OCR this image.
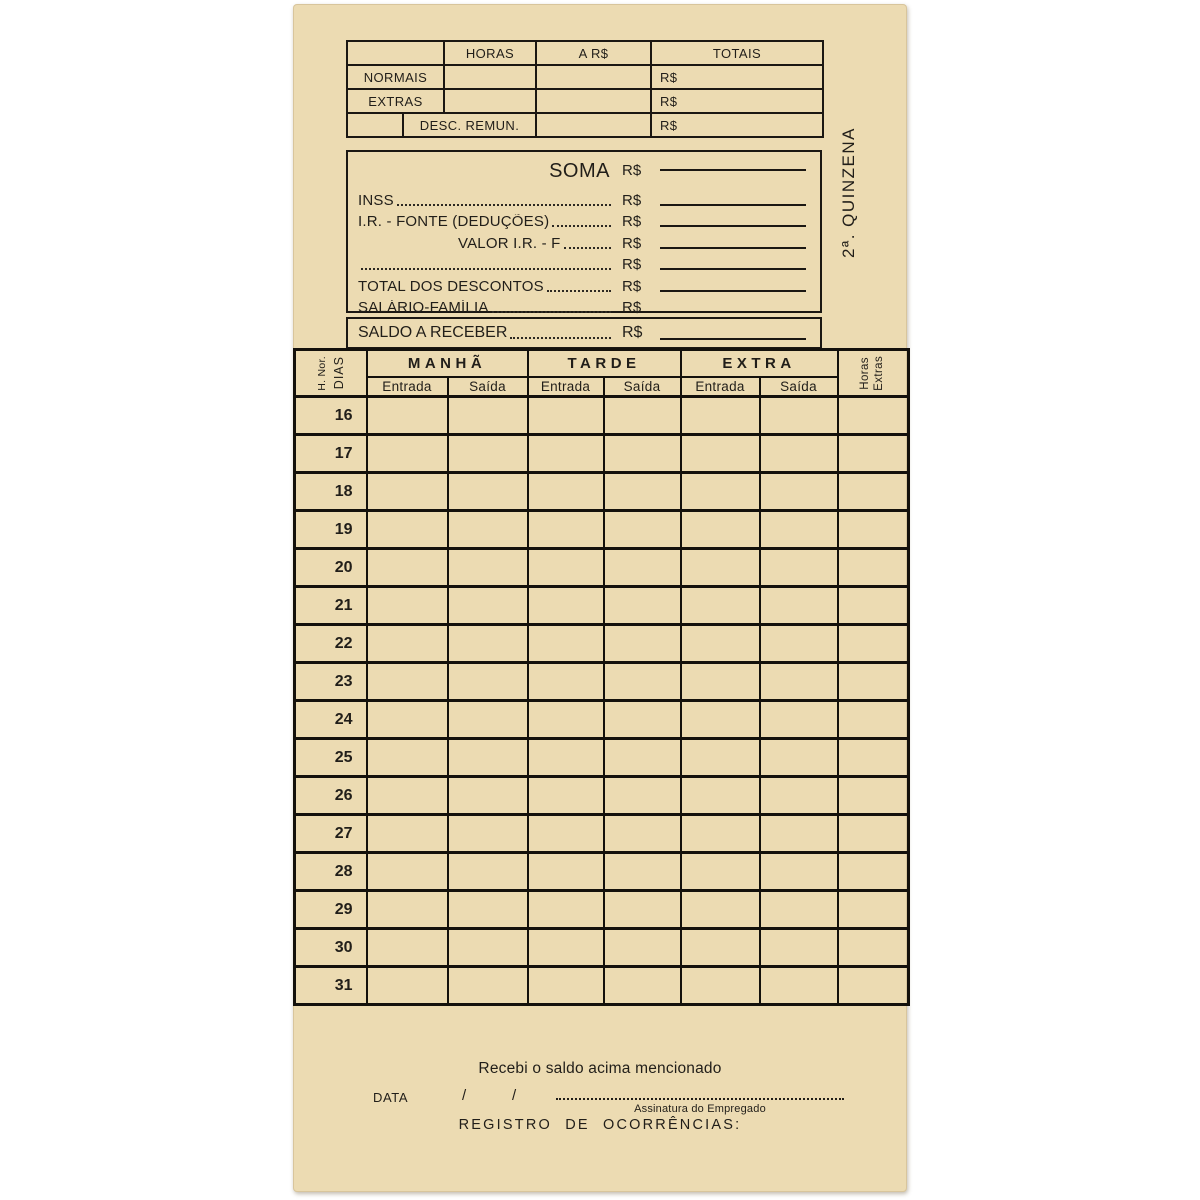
		HORAS	A R$	TOTAIS
NORMAIS				R$
EXTRAS				R$
	DESC. REMUN.			R$
2ª. QUINZENA
SOMA R$
INSS	R$
I.R. - FONTE (DEDUÇÕES)	R$
VALOR I.R. - F	R$
R$
TOTAL DOS DESCONTOS	R$
SALÁRIO-FAMÍLIA	R$
SALDO A RECEBER	R$
H. Nor. DIAS	MANHÃ	TARDE	EXTRA	Horas Extras

	Entrada	Saída	Entrada	Saída	Entrada	Saída	
16							
17							
18							
19							
20							
21							
22							
23							
24							
25							
26							
27							
28							
29							
30							
31							
Recebi o saldo acima mencionado
DATA	/	/
Assinatura do Empregado
REGISTRO DE OCORRÊNCIAS:
